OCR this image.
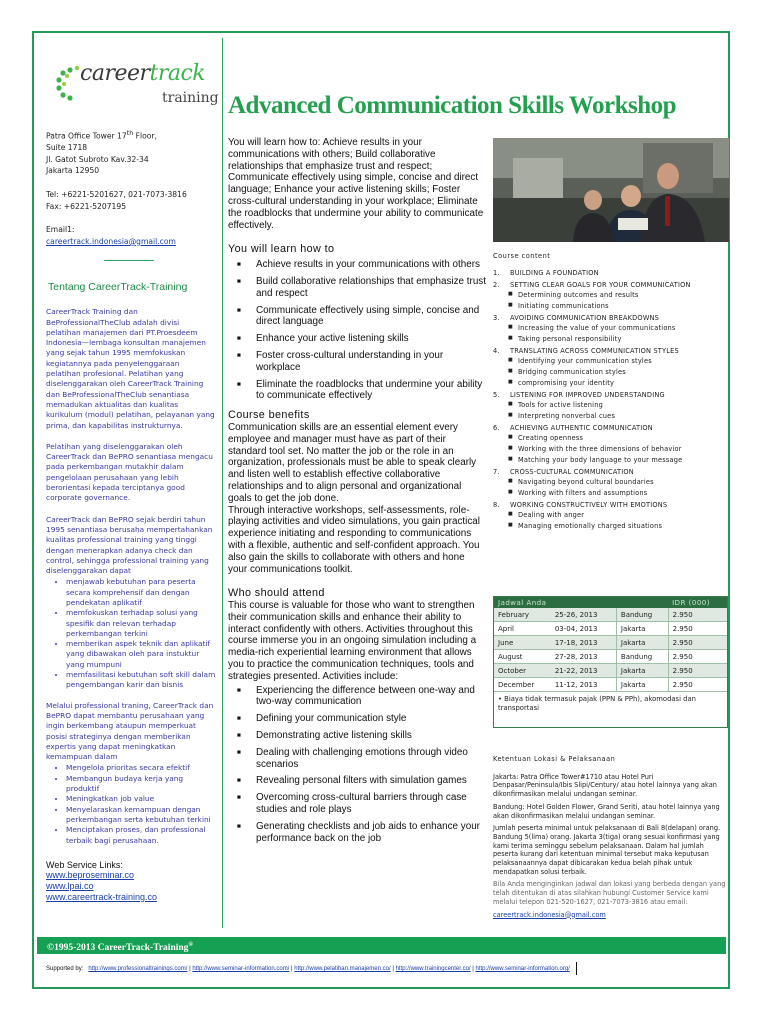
careertrack
training

Patra Office Tower 17th Floor,

Suite 1718

Jl. Gatot Subroto Kav.32-34

Jakarta 12950

Tel: +6221-5201627, 021-7073-3816

Fax: +6221-5207195

Email1:

careertrack.indonesia@gmail.com

Tentang CareerTrack-Training

CareerTrack Training dan BeProfessionalTheClub adalah divisi pelatihan manajemen dari PT.Proesdeem Indonesia—lembaga konsultan manajemen yang sejak tahun 1995 memfokuskan kegiatannya pada penyelenggaraan pelatihan profesional. Pelatihan yang diselenggarakan oleh CareerTrack Training dan BeProfessionalTheClub senantiasa memadukan aktualitas dan kualitas kurikulum (modul) pelatihan, pelayanan yang prima, dan kapabilitas instrukturnya.

Pelatihan yang diselenggarakan oleh CareerTrack dan BePRO senantiasa mengacu pada perkembangan mutakhir dalam pengelolaan perusahaan yang lebih berorientasi kepada terciptanya good corporate governance.

CareerTrack dan BePRO sejak berdiri tahun 1995 senantiasa berusaha mempertahankan kualitas professional training yang tinggi dengan menerapkan adanya check dan control, sehingga professional training yang diselenggarakan dapat

• menjawab kebutuhan para peserta secara komprehensif dan dengan pendekatan aplikatif
• memfokuskan terhadap solusi yang spesifik dan relevan terhadap perkembangan terkini
• memberikan aspek teknik dan aplikatif yang dibawakan oleh para instuktur yang mumpuni
• memfasilitasi kebutuhan soft skill dalam pengembangan karir dan bisnis

Melalui professional traning, CareerTrack dan BePRO dapat membantu perusahaan yang ingin berkembang ataupun memperkuat posisi strateginya dengan memberikan expertis yang dapat meningkatkan kemampuan dalam

• Mengelola prioritas secara efektif
• Membangun budaya kerja yang produktif
• Meningkatkan job value
• Menyelaraskan kemampuan dengan perkembangan serta kebutuhan terkini
• Menciptakan proses, dan professional terbaik bagi perusahaan.
Web Service Links:
www.beproseminar.co
www.lpai.co
www.careertrack-training.co
Advanced Communication Skills Workshop

You will learn how to: Achieve results in your communications with others; Build collaborative relationships that emphasize trust and respect; Communicate effectively using simple, concise and direct language; Enhance your active listening skills; Foster cross-cultural understanding in your workplace; Eliminate the roadblocks that undermine your ability to communicate effectively.

You will learn how to
■ Achieve results in your communications with others
■ Build collaborative relationships that emphasize trust and respect
■ Communicate effectively using simple, concise and direct language
■ Enhance your active listening skills
■ Foster cross-cultural understanding in your workplace
■ Eliminate the roadblocks that undermine your ability to communicate effectively
Course benefits

Communication skills are an essential element every employee and manager must have as part of their standard tool set. No matter the job or the role in an organization, professionals must be able to speak clearly and listen well to establish effective collaborative relationships and to align personal and organizational goals to get the job done.

Through interactive workshops, self-assessments, role-playing activities and video simulations, you gain practical experience initiating and responding to communications with a flexible, authentic and self-confident approach. You also gain the skills to collaborate with others and hone your communications toolkit.

Who should attend

This course is valuable for those who want to strengthen their communication skills and enhance their ability to interact confidently with others. Activities throughout this course immerse you in an ongoing simulation including a media-rich experiential learning environment that allows you to practice the communication techniques, tools and strategies presented. Activities include:

■ Experiencing the difference between one-way and two-way communication
■ Defining your communication style
■ Demonstrating active listening skills
■ Dealing with challenging emotions through video scenarios
■ Revealing personal filters with simulation games
■ Overcoming cross-cultural barriers through case studies and role plays
■ Generating checklists and job aids to enhance your performance back on the job
Course content
1. BUILDING A FOUNDATION
2. SETTING CLEAR GOALS FOR YOUR COMMUNICATION
■ Determining outcomes and results
■ Initiating communications
3. AVOIDING COMMUNICATION BREAKDOWNS
■ Increasing the value of your communications
■ Taking personal responsibility
4. TRANSLATING ACROSS COMMUNICATION STYLES
■ Identifying your communication styles
■ Bridging communication styles
■ compromising your identity
5. LISTENING FOR IMPROVED UNDERSTANDING
■ Tools for active listening
■ Interpreting nonverbal cues
6. ACHIEVING AUTHENTIC COMMUNICATION
■ Creating openness
■ Working with the three dimensions of behavior
■ Matching your body language to your message
7. CROSS-CULTURAL COMMUNICATION
■ Navigating beyond cultural boundaries
■ Working with filters and assumptions
8. WORKING CONSTRUCTIVELY WITH EMOTIONS
■ Dealing with anger
■ Managing emotionally charged situations
Jadwal Anda			IDR (000)
February	25-26, 2013	Bandung	2.950
April	03-04, 2013	Jakarta	2.950
June	17-18, 2013	Jakarta	2.950
August	27-28, 2013	Bandung	2.950
October	21-22, 2013	Jakarta	2.950
December	11-12, 2013	Jakarta	2.950
• Biaya tidak termasuk pajak (PPN & PPh), akomodasi dan transportasi
Ketentuan Lokasi & Pelaksanaan

Jakarta: Patra Office Tower#1710 atau Hotel Puri Denpasar/Peninsula/Ibis Slipi/Century/ atau hotel lainnya yang akan dikonfirmasikan melalui undangan seminar.

Bandung: Hotel Golden Flower, Grand Seriti, atau hotel lainnya yang akan dikonfirmasikan melalui undangan seminar.

Jumlah peserta minimal untuk pelaksanaan di Bali 8(delapan) orang. Bandung 5(lima) orang. Jakarta 3(tiga) orang sesuai konfirmasi yang kami terima seminggu sebelum pelaksanaan. Dalam hal jumlah peserta kurang dari ketentuan minimal tersebut maka keputusan pelaksanaannya dapat dibicarakan kedua belah pihak untuk mendapatkan solusi terbaik.

Bila Anda menginginkan jadwal dan lokasi yang berbeda dengan yang telah ditentukan di atas silahkan hubungi Customer Service kami melalui telepon 021-520-1627, 021-7073-3816 atau email:

careertrack.indonesia@gmail.com

©1995-2013 CareerTrack-Training®
Supported by: http://www.professionaltrainings.com/ | http://www.seminar-information.com/ | http://www.pelatihan.manajemen.co/ | http://www.trainingcenter.co/ | http://www.seminar-information.org/
